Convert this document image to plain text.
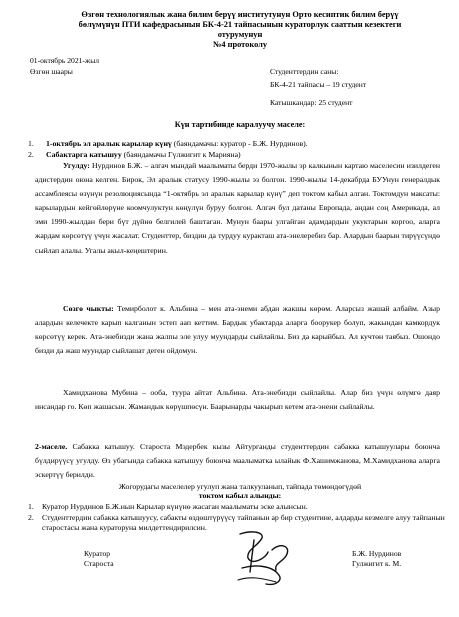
Өзгөн технологиялык жана билим берүү институтунун Орто кесиптик билим берүү
бөлүмүнүн ПТИ кафедрасынын БК-4-21 тайпасынын кураторлук сааттын кезектеги
отурумунун
№4 протоколу
01-октябрь 2021-жыл
Өзгөн шаары	Студенттердин саны:
БК-4-21 тайпасы – 19 студент
Катышкандар: 25 студент
Күн тартибинде каралуучу маселе:
1. 1-октябрь эл аралык карылар күнү (баяндамачы: куратор - Б.Ж. Нурдинов).
2. Сабактарга катышуу (баяндамачы Гүлжигит к Марияна)
Угулду: Нурдинов Б.Ж. – алгач мындай маалыматы берди 1970-жылы эр калкынын картаю маселесин изилдеген адистердин оюна келген. Бирок, Эл аралык статусу 1990-жылы эз болгон. 1990-жылы 14-декабрда БУУнун генералдык ассамблеясы өзүнүн резолюциясында “1-октябрь эл аралык карылар күнү” деп токтом кабыл алган. Токтомдун максаты: карылардын кейгөйлөрүне коомчулуктун көңүлүн буруу болгон. Алгач бул датаны Европада, андан соң Америкада, ал эми 1990-жылдан бери бүт дүйнө белгилей баштаган. Мунун баары улгайган адамдардын укуктарын коргоо, аларга жардам көрсөтүү үчүн жасалат. Студенттер, биздин да турдуу куракташ ата-энелеребиз бар. Алардын баарын тирүүсүндө сыйлап алалы. Угалы акыл-кеңештерин.
Сөзгө чыкты: Темирболот к. Альбина – мен ата-энеми абдан жакшы көрөм. Аларсыз жашай албайм. Азыр алардын келечекте карып калганын эстеп аап кеттим. Бардык убактарда аларга боорукер болуп, жакындан камкордук көрсөтүү керек. Ата-энебизди жана жалпы эле улуу муундарды сыйлайлы. Биз да карыйбыз. Ал кучтөн таябыз. Ошондо бизди да жаш муундар сыйлашат деген ойдомун.
Хамидханова Мубина – ооба, туура айтат Альбина. Ата-энебизди сыйлайлы. Алар биз үчүн өлүмгө даяр инсандар го. Көп жашасын. Жамандык көрүшпөсүн. Баарынарды чакырып кетем ата-энени сыйлайлы.
2-маселе. Сабакка катышуу. Староста Мэдербек кызы Айтурганды студенттердин сабакка катышуулары боюнча бүлдирүүсү угулду. Өз убагында сабакка катышуу боюнча маалыматка ылайык Ф.Хашимжанова, М.Хамидханова аларга эскертүү берилди.
Жогорудагы маселелер угулуп жана талкууланып, тайпада төмөндөгүдөй
токтом кабыл алынды:
1.	Куратор Нурдинов Б.Ж.нын Карылар күнүнө жасаган маалыматы эске алынсын.
2.	Студенттердин сабакка катышуусу, сабакты өздөштүрүүсү тайпанын ар бир студентине, алдарды кезмелге алуу тайпанын старостасы жана кураторуна милдеттендирилсин.
Куратор
Староста
Б.Ж. Нурдинов
Гулжигит к. М.
